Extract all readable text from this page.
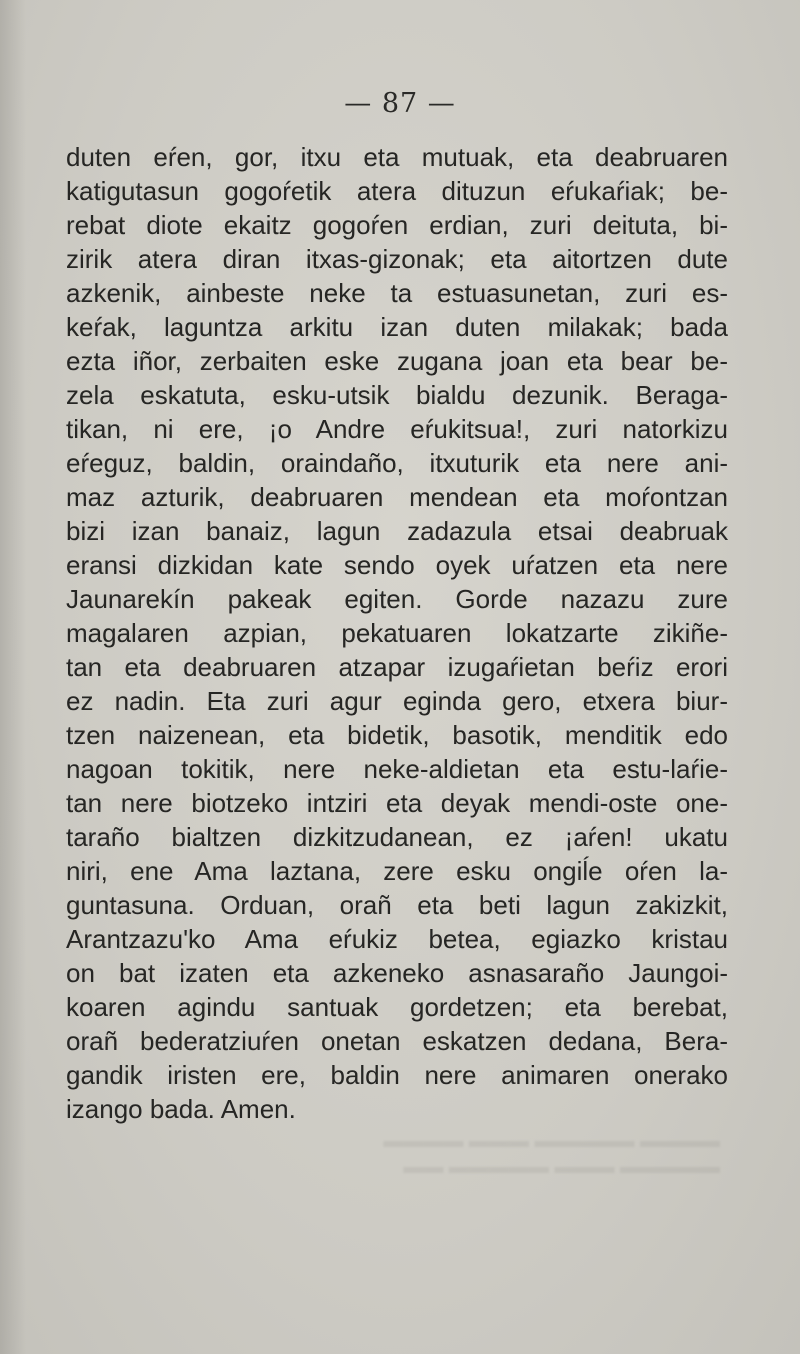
— 87 —
duten eŕen, gor, itxu eta mutuak, eta deabruaren
katigutasun gogoŕetik atera dituzun eŕukaŕiak; be-
rebat diote ekaitz gogoŕen erdian, zuri deituta, bi-
zirik atera diran itxas-gizonak; eta aitortzen dute
azkenik, ainbeste neke ta estuasunetan, zuri es-
keŕak, laguntza arkitu izan duten milakak; bada
ezta iñor, zerbaiten eske zugana joan eta bear be-
zela eskatuta, esku-utsik bialdu dezunik. Beraga-
tikan, ni ere, ¡o Andre eŕukitsua!, zuri natorkizu
eŕeguz, baldin, oraindaño, itxuturik eta nere ani-
maz azturik, deabruaren mendean eta moŕontzan
bizi izan banaiz, lagun zadazula etsai deabruak
eransi dizkidan kate sendo oyek uŕatzen eta nere
Jaunarekín pakeak egiten. Gorde nazazu zure
magalaren azpian, pekatuaren lokatzarte zikiñe-
tan eta deabruaren atzapar izugaŕietan beŕiz erori
ez nadin. Eta zuri agur eginda gero, etxera biur-
tzen naizenean, eta bidetik, basotik, menditik edo
nagoan tokitik, nere neke-aldietan eta estu-laŕie-
tan nere biotzeko intziri eta deyak mendi-oste one-
taraño bialtzen dizkitzudanean, ez ¡aŕen! ukatu
niri, ene Ama laztana, zere esku ongiĺe oŕen la-
guntasuna. Orduan, orañ eta beti lagun zakizkit,
Arantzazu'ko Ama eŕukiz betea, egiazko kristau
on bat izaten eta azkeneko asnasaraño Jaungoi-
koaren agindu santuak gordetzen; eta berebat,
orañ bederatziuŕen onetan eskatzen dedana, Bera-
gandik iristen ere, baldin nere animaren onerako
izango bada. Amen.
▬▬▬▬ ▬▬▬▬▬ ▬▬▬ ▬▬▬▬
▬▬▬▬▬ ▬▬▬ ▬▬▬▬▬ ▬▬
